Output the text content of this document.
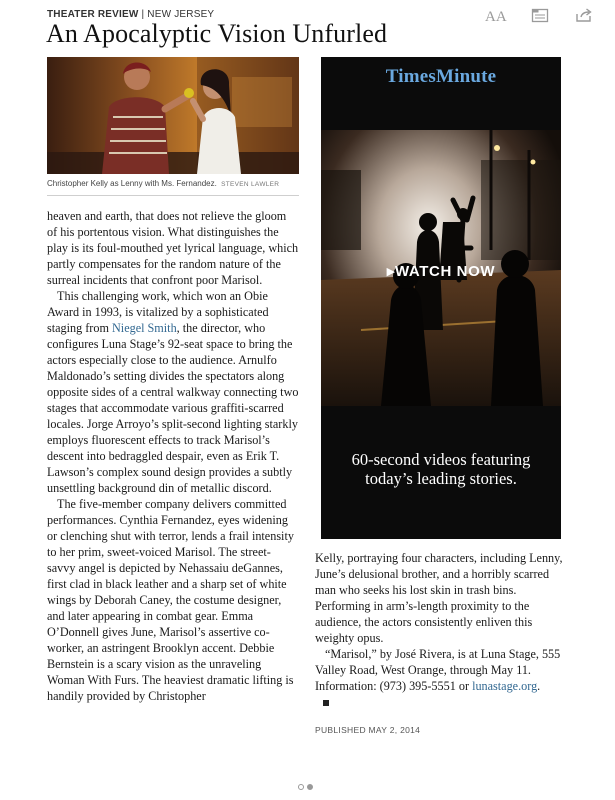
THEATER REVIEW | NEW JERSEY
An Apocalyptic Vision Unfurled
AA
Christopher Kelly as Lenny with Ms. Fernandez. STEVEN LAWLER

heaven and earth, that does not relieve the gloom of his portentous vision. What distinguishes the play is its foul-mouthed yet lyrical language, which partly compensates for the random nature of the surreal incidents that confront poor Marisol.

This challenging work, which won an Obie Award in 1993, is vitalized by a sophisticated staging from Niegel Smith, the director, who configures Luna Stage’s 92-seat space to bring the actors especially close to the audience. Arnulfo Maldonado’s setting divides the spectators along opposite sides of a central walkway connecting two stages that accommodate various graffiti-scarred locales. Jorge Arroyo’s split-second lighting starkly employs fluorescent effects to track Marisol’s descent into bedraggled despair, even as Erik T. Lawson’s complex sound design provides a subtly unsettling background din of metallic discord.

The five-member company delivers committed performances. Cynthia Fernandez, eyes widening or clenching shut with terror, lends a frail intensity to her prim, sweet-voiced Marisol. The street-savvy angel is depicted by Nehassaiu deGannes, first clad in black leather and a sharp set of white wings by Deborah Caney, the costume designer, and later appearing in combat gear. Emma O’Donnell gives June, Marisol’s assertive co-worker, an astringent Brooklyn accent. Debbie Bernstein is a scary vision as the unraveling Woman With Furs. The heaviest dramatic lifting is handily provided by Christopher

TimesMinute
▸WATCH NOW
60-second videos featuring
today’s leading stories.

Kelly, portraying four characters, including Lenny, June’s delusional brother, and a horribly scarred man who seeks his lost skin in trash bins. Performing in arm’s-length proximity to the audience, the actors consistently enliven this weighty opus.

“Marisol,” by José Rivera, is at Luna Stage, 555 Valley Road, West Orange, through May 11. Information: (973) 395-5551 or lunastage.org.

PUBLISHED MAY 2, 2014
